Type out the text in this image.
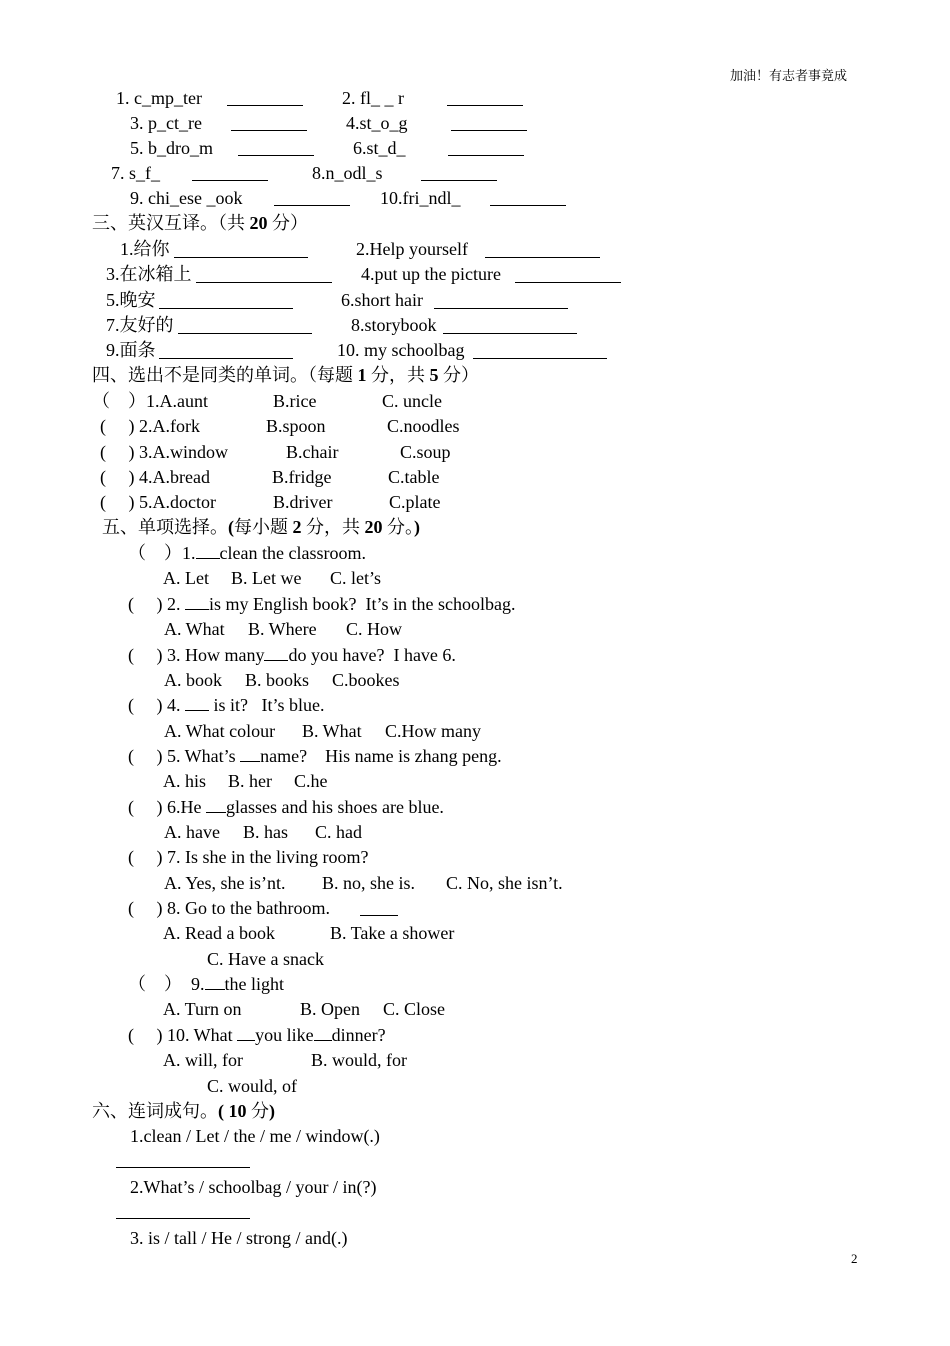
加油！有志者事竟成
2
1. c_mp_ter	2. fl_ _ r
3. p_ct_re	4.st_o_g
5. b_dro_m	6.st_d_
7. s_f_	8.n_odl_s
9. chi_ese _ook	10.fri_ndl_
三、英汉互译。（共 20 分）
1.给你	2.Help yourself
3.在冰箱上	4.put up the picture
5.晚安	6.short hair
7.友好的	8.storybook
9.面条	10. my schoolbag
四、选出不是同类的单词。（每题 1 分，共 5 分）
（　）1.A.aunt	B.rice	C. uncle
(　 ) 2.A.fork	B.spoon	C.noodles
(　 ) 3.A.window	B.chair	C.soup
(　 ) 4.A.bread	B.fridge	C.table
(　 ) 5.A.doctor	B.driver	C.plate
五、单项选择。(每小题 2 分，共 20 分。)
（　）1. clean the classroom.
A. Let B. Let we C. let’s
(　 ) 2. is my English book?  It’s in the schoolbag.
A. What B. Where C. How
(　 ) 3. How many do you have?  I have 6.
A. book B. books C.bookes
(　 ) 4.  is it?   It’s blue.
A. What colour B. What C.How many
(　 ) 5. What’s name?    His name is zhang peng.
A. his B. her C.he
(　 ) 6.He glasses and his shoes are blue.
A. have B. has C. had
(　 ) 7. Is she in the living room?
A. Yes, she is’nt. B. no, she is. C. No, she isn’t.
(　 ) 8. Go to the bathroom.
A. Read a book	B. Take a shower
C. Have a snack
（　）  9. the light
A. Turn on	B. Open C. Close
(　 ) 10. What you like dinner?
A. will, for	B. would, for
C. would, of
六、连词成句。( 10 分)
1.clean / Let / the / me / window(.)
2.What’s / schoolbag / your / in(?)
3. is / tall / He / strong / and(.)
